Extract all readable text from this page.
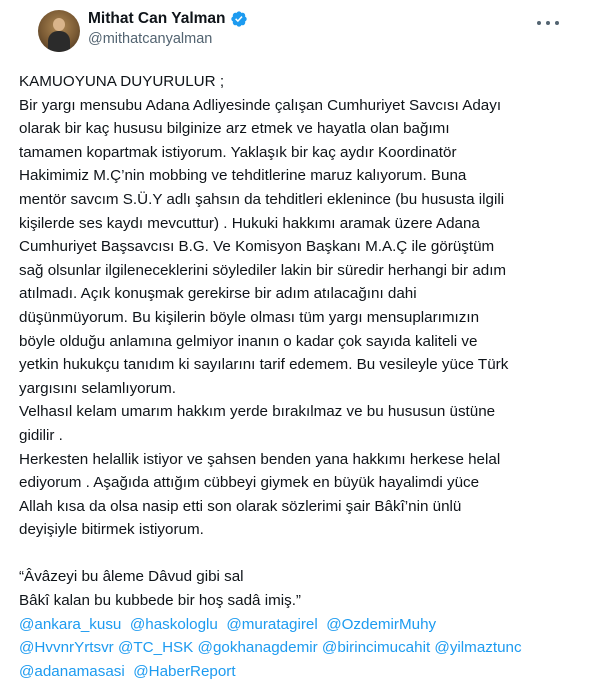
Mithat Can Yalman
@mithatcanyalman

KAMUOYUNA DUYURULUR ;

Bir yargı mensubu Adana Adliyesinde çalışan Cumhuriyet Savcısı Adayı

olarak bir kaç hususu bilginize arz etmek ve hayatla olan bağımı

tamamen kopartmak istiyorum. Yaklaşık bir kaç aydır Koordinatör

Hakimimiz M.Ç’nin mobbing ve tehditlerine maruz kalıyorum. Buna

mentör savcım S.Ü.Y adlı şahsın da tehditleri eklenince (bu hususta ilgili

kişilerde ses kaydı mevcuttur) . Hukuki hakkımı aramak üzere Adana

Cumhuriyet Başsavcısı B.G. Ve Komisyon Başkanı M.A.Ç ile görüştüm

sağ olsunlar ilgileneceklerini söylediler lakin bir süredir herhangi bir adım

atılmadı. Açık konuşmak gerekirse bir adım atılacağını dahi

düşünmüyorum. Bu kişilerin böyle olması tüm yargı mensuplarımızın

böyle olduğu anlamına gelmiyor inanın o kadar çok sayıda kaliteli ve

yetkin hukukçu tanıdım ki sayılarını tarif edemem. Bu vesileyle yüce Türk

yargısını selamlıyorum.

Velhasıl kelam umarım hakkım yerde bırakılmaz ve bu hususun üstüne

gidilir .

Herkesten helallik istiyor ve şahsen benden yana hakkımı herkese helal

ediyorum . Aşağıda attığım cübbeyi giymek en büyük hayalimdi yüce

Allah kısa da olsa nasip etti son olarak sözlerimi şair Bâkî’nin ünlü

deyişiyle bitirmek istiyorum.

“Âvâzeyi bu âleme Dâvud gibi sal

Bâkî kalan bu kubbede bir hoş sadâ imiş.”

@ankara_kusu @haskologlu @muratagirel @OzdemirMuhy

@HvvnrYrtsvr @TC_HSK @gokhanagdemir @birincimucahit @yilmaztunc

@adanamasasi @HaberReport
